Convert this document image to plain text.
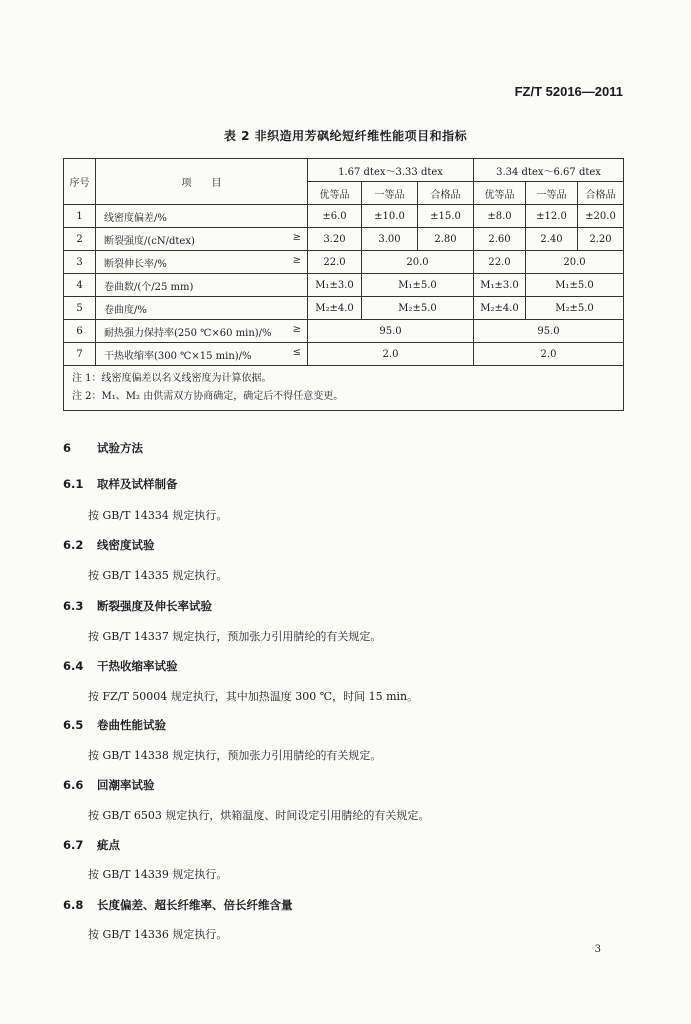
FZ/T 52016—2011
表 2 非织造用芳砜纶短纤维性能项目和指标
序号	项　　目	1.67 dtex～3.33 dtex			3.34 dtex～6.67 dtex		
		优等品	一等品	合格品	优等品	一等品	合格品
1	线密度偏差/%	±6.0	±10.0	±15.0	±8.0	±12.0	±20.0
2	断裂强度/(cN/dtex) ≥	3.20	3.00	2.80	2.60	2.40	2.20
3	断裂伸长率/% ≥	22.0	20.0		22.0	20.0	
4	卷曲数/(个/25 mm)	M₁±3.0	M₁±5.0		M₁±3.0	M₁±5.0	
5	卷曲度/%	M₂±4.0	M₂±5.0		M₂±4.0	M₂±5.0	
6	耐热强力保持率(250 ℃×60 min)/% ≥	95.0			95.0		
7	干热收缩率(300 ℃×15 min)/% ≤	2.0			2.0		

注 1：线密度偏差以名义线密度为计算依据。
注 2：M₁、M₂ 由供需双方协商确定，确定后不得任意变更。							
6 试验方法
6.1 取样及试样制备
按 GB/T 14334 规定执行。
6.2 线密度试验
按 GB/T 14335 规定执行。
6.3 断裂强度及伸长率试验
按 GB/T 14337 规定执行，预加张力引用腈纶的有关规定。
6.4 干热收缩率试验
按 FZ/T 50004 规定执行，其中加热温度 300 ℃，时间 15 min。
6.5 卷曲性能试验
按 GB/T 14338 规定执行，预加张力引用腈纶的有关规定。
6.6 回潮率试验
按 GB/T 6503 规定执行，烘箱温度、时间设定引用腈纶的有关规定。
6.7 疵点
按 GB/T 14339 规定执行。
6.8 长度偏差、超长纤维率、倍长纤维含量
按 GB/T 14336 规定执行。
3
